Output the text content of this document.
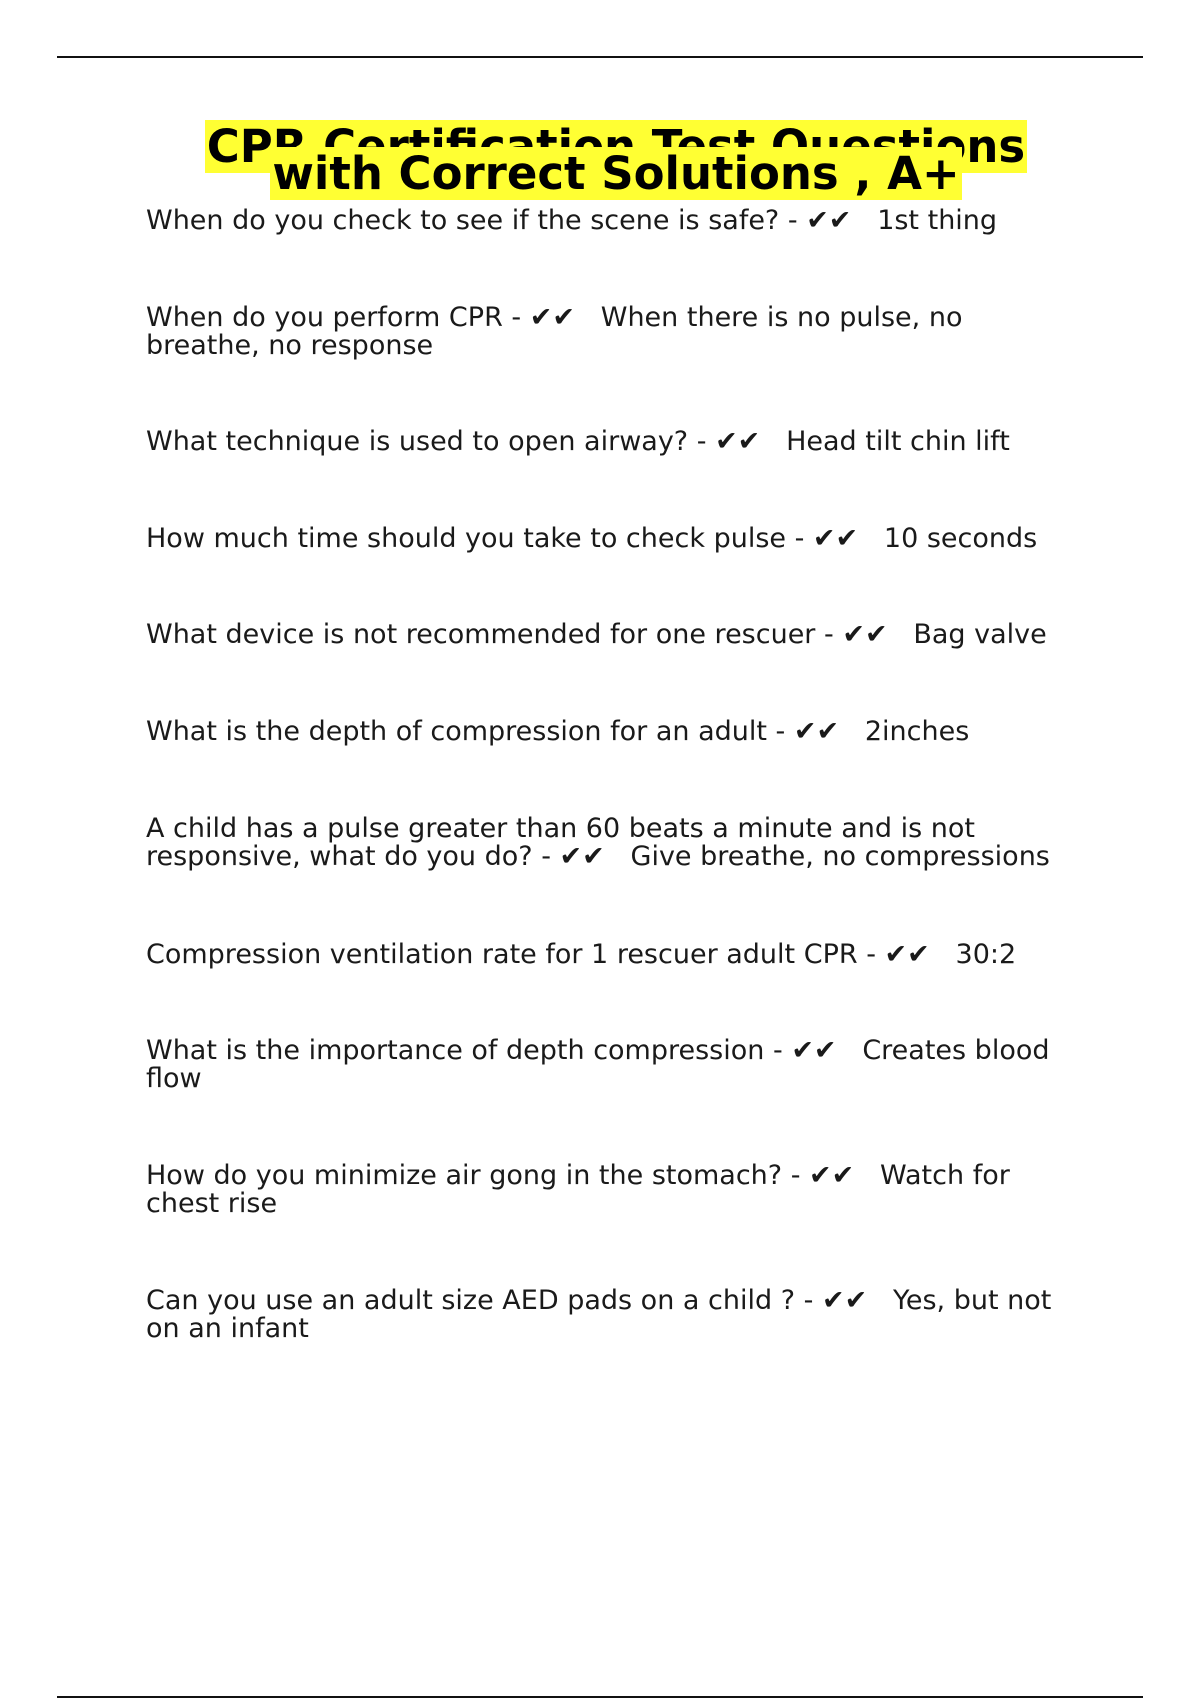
CPR Certification Test Questions with Correct Solutions , A+

When do you check to see if the scene is safe? - ✔✔ 1st thing

When do you perform CPR - ✔✔ When there is no pulse, no breathe, no response

What technique is used to open airway? - ✔✔ Head tilt chin lift

How much time should you take to check pulse - ✔✔ 10 seconds

What device is not recommended for one rescuer - ✔✔ Bag valve

What is the depth of compression for an adult - ✔✔ 2inches

A child has a pulse greater than 60 beats a minute and is not responsive, what do you do? - ✔✔ Give breathe, no compressions

Compression ventilation rate for 1 rescuer adult CPR - ✔✔ 30:2

What is the importance of depth compression - ✔✔ Creates blood flow

How do you minimize air gong in the stomach? - ✔✔ Watch for chest rise

Can you use an adult size AED pads on a child ? - ✔✔ Yes, but not on an infant
